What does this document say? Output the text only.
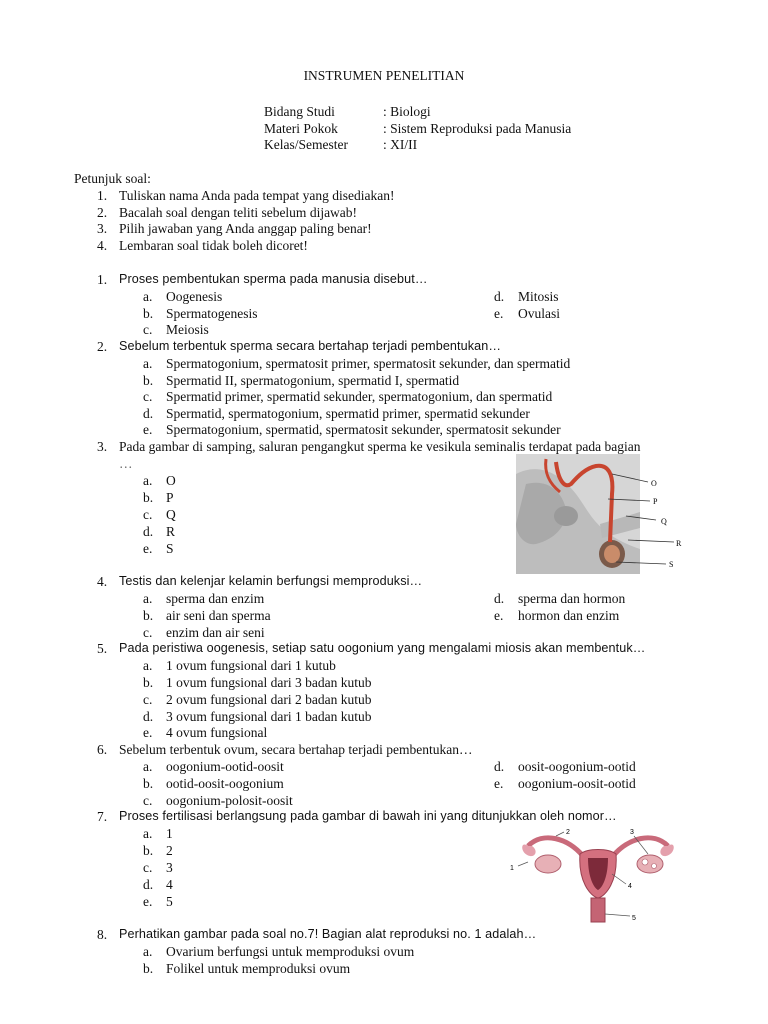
INSTRUMEN PENELITIAN
Bidang Studi	: Biologi
Materi Pokok	: Sistem Reproduksi pada Manusia
Kelas/Semester	: XI/II
Petunjuk soal:
1. Tuliskan nama Anda pada tempat yang disediakan!
2. Bacalah soal dengan teliti sebelum dijawab!
3. Pilih jawaban yang Anda anggap paling benar!
4. Lembaran soal tidak boleh dicoret!
1. Proses pembentukan sperma pada manusia disebut…
a. Oogenesis
b. Spermatogenesis
c. Meiosis
d. Mitosis
e. Ovulasi
2. Sebelum terbentuk sperma secara bertahap terjadi pembentukan…
a. Spermatogonium, spermatosit primer, spermatosit sekunder, dan spermatid
b. Spermatid II, spermatogonium, spermatid I, spermatid
c. Spermatid primer, spermatid sekunder, spermatogonium, dan spermatid
d. Spermatid, spermatogonium, spermatid primer, spermatid sekunder
e. Spermatogonium, spermatid, spermatosit sekunder, spermatosit sekunder
3. Pada gambar di samping, saluran pengangkut sperma ke vesikula seminalis terdapat pada bagian
…
a. O
b. P
c. Q
d. R
e. S
O
P
Q
R
S
4. Testis dan kelenjar kelamin berfungsi memproduksi…
a. sperma dan enzim
b. air seni dan sperma
c. enzim dan air seni
d. sperma dan hormon
e. hormon dan enzim
5. Pada peristiwa oogenesis, setiap satu oogonium yang mengalami miosis akan membentuk…
a. 1 ovum fungsional dari 1 kutub
b. 1 ovum fungsional dari 3 badan kutub
c. 2 ovum fungsional dari 2 badan kutub
d. 3 ovum fungsional dari 1 badan kutub
e. 4 ovum fungsional
6. Sebelum terbentuk ovum, secara bertahap terjadi pembentukan…
a. oogonium-ootid-oosit
b. ootid-oosit-oogonium
c. oogonium-polosit-oosit
d. oosit-oogonium-ootid
e. oogonium-oosit-ootid
7. Proses fertilisasi berlangsung pada gambar di bawah ini yang ditunjukkan oleh nomor…
a. 1
b. 2
c. 3
d. 4
e. 5
1
2	3
4
5
8. Perhatikan gambar pada soal no.7! Bagian alat reproduksi no. 1 adalah…
a. Ovarium berfungsi untuk memproduksi ovum
b. Folikel untuk memproduksi ovum
